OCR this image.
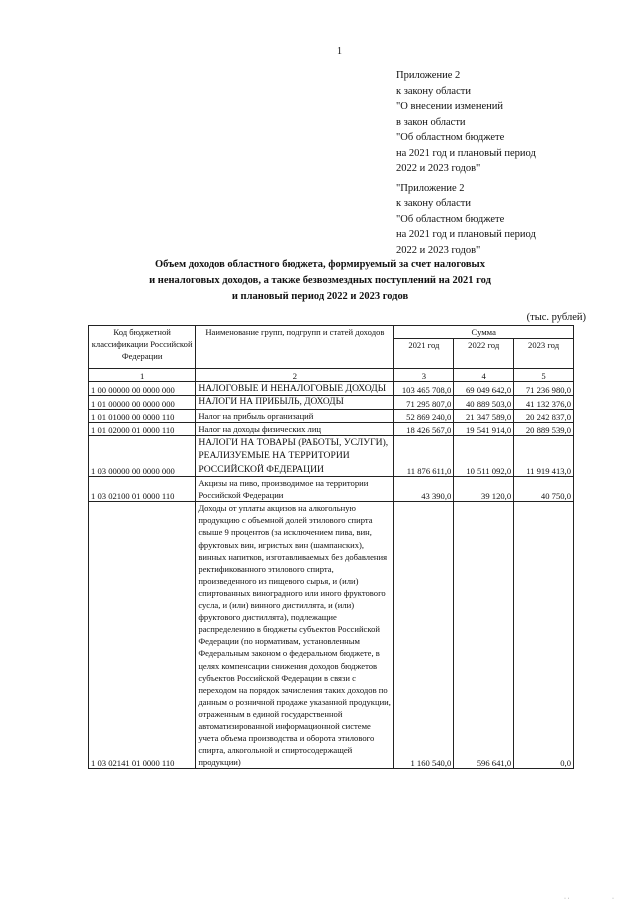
1
Приложение 2
к закону области
"О внесении изменений
в закон области
"Об областном бюджете
на 2021 год и плановый период
2022 и 2023 годов"
"Приложение 2
к закону области
"Об областном бюджете
на 2021 год и плановый период
2022 и 2023 годов"
Объем доходов областного бюджета, формируемый за счет налоговых
и неналоговых доходов, а также безвозмездных поступлений на 2021 год
и плановый период 2022 и 2023 годов
(тыс. рублей)
Код бюджетной классификации Российской Федерации	Наименование групп, подгрупп и статей доходов	Сумма		
		2021 год	2022 год	2023 год
1	2	3	4	5
1 00 00000 00 0000 000	НАЛОГОВЫЕ И НЕНАЛОГОВЫЕ ДОХОДЫ	103 465 708,0	69 049 642,0	71 236 980,0
1 01 00000 00 0000 000	НАЛОГИ НА ПРИБЫЛЬ, ДОХОДЫ	71 295 807,0	40 889 503,0	41 132 376,0
1 01 01000 00 0000 110	Налог на прибыль организаций	52 869 240,0	21 347 589,0	20 242 837,0
1 01 02000 01 0000 110	Налог на доходы физических лиц	18 426 567,0	19 541 914,0	20 889 539,0
1 03 00000 00 0000 000	НАЛОГИ НА ТОВАРЫ (РАБОТЫ, УСЛУГИ), РЕАЛИЗУЕМЫЕ НА ТЕРРИТОРИИ РОССИЙСКОЙ ФЕДЕРАЦИИ	11 876 611,0	10 511 092,0	11 919 413,0
1 03 02100 01 0000 110	Акцизы на пиво, производимое на территории Российской Федерации	43 390,0	39 120,0	40 750,0
1 03 02141 01 0000 110	Доходы от уплаты акцизов на алкогольную продукцию с объемной долей этилового спирта свыше 9 процентов (за исключением пива, вин, фруктовых вин, игристых вин (шампанских), винных напитков, изготавливаемых без добавления ректификованного этилового спирта, произведенного из пищевого сырья, и (или) спиртованных виноградного или иного фруктового сусла, и (или) винного дистиллята, и (или) фруктового дистиллята), подлежащие распределению в бюджеты субъектов Российской Федерации (по нормативам, установленным Федеральным законом о федеральном бюджете, в целях компенсации снижения доходов бюджетов субъектов Российской Федерации в связи с переходом на порядок зачисления таких доходов по данным о розничной продаже указанной продукции, отраженным в единой государственной автоматизированной информационной системе учета объема производства и оборота этилового спирта, алкогольной и спиртосодержащей продукции)	1 160 540,0	596 641,0	0,0
· ·	·
